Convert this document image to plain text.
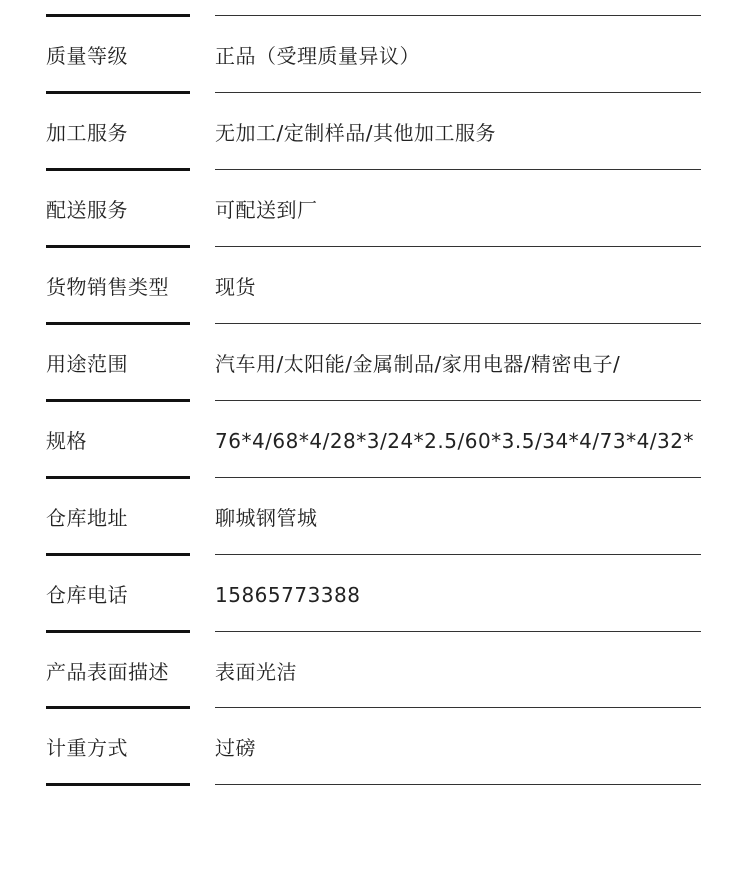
质量等级	正品（受理质量异议）
加工服务	无加工/定制样品/其他加工服务
配送服务	可配送到厂
货物销售类型 现货
用途范围	汽车用/太阳能/金属制品/家用电器/精密电子/
规格	76*4/68*4/28*3/24*2.5/60*3.5/34*4/73*4/32*
仓库地址	聊城钢管城
仓库电话	15865773388
产品表面描述 表面光洁
计重方式	过磅
